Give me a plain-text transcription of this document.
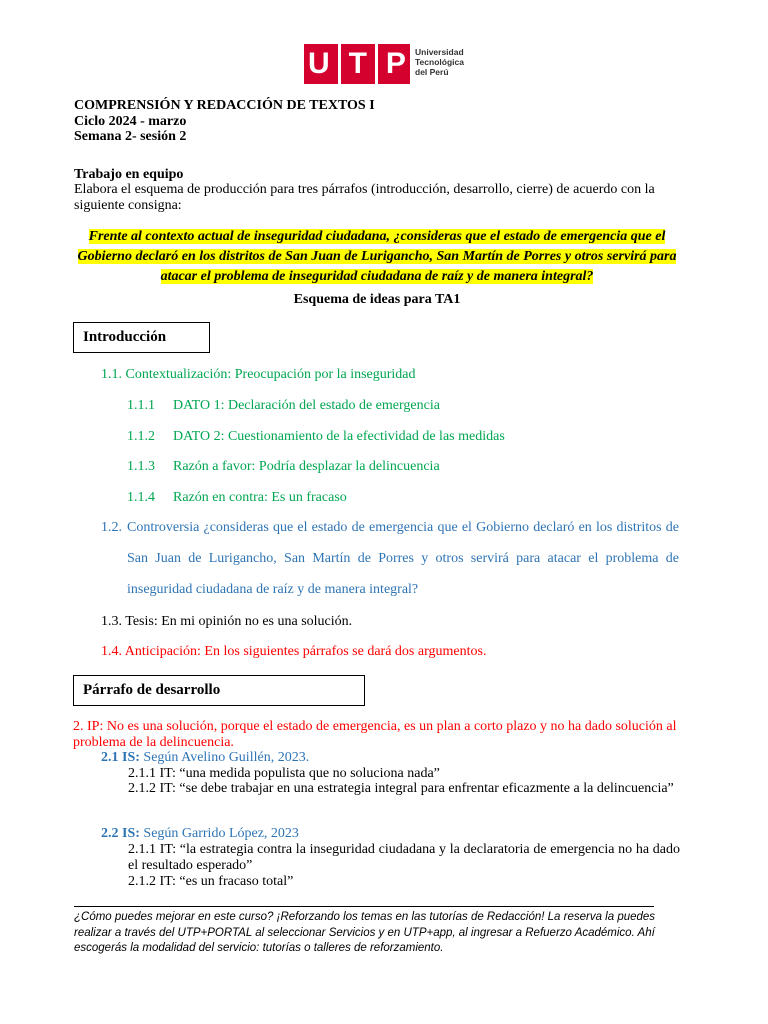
U T P Universidad
Tecnológica
del Perú
COMPRENSIÓN Y REDACCIÓN DE TEXTOS I
Ciclo 2024 - marzo
Semana 2- sesión 2
Trabajo en equipo
Elabora el esquema de producción para tres párrafos (introducción, desarrollo, cierre) de acuerdo con la siguiente consigna:
Frente al contexto actual de inseguridad ciudadana, ¿consideras que el estado de emergencia que el Gobierno declaró en los distritos de San Juan de Lurigancho, San Martín de Porres y otros servirá para atacar el problema de inseguridad ciudadana de raíz y de manera integral?
Esquema de ideas para TA1
Introducción
1.1. Contextualización: Preocupación por la inseguridad
1.1.1 DATO 1: Declaración del estado de emergencia
1.1.2 DATO 2: Cuestionamiento de la efectividad de las medidas
1.1.3 Razón a favor: Podría desplazar la delincuencia
1.1.4 Razón en contra: Es un fracaso
1.2. Controversia ¿consideras que el estado de emergencia que el Gobierno declaró en los distritos de San Juan de Lurigancho, San Martín de Porres y otros servirá para atacar el problema de inseguridad ciudadana de raíz y de manera integral?
1.3. Tesis: En mi opinión no es una solución.
1.4. Anticipación: En los siguientes párrafos se dará dos argumentos.
Párrafo de desarrollo
2. IP: No es una solución, porque el estado de emergencia, es un plan a corto plazo y no ha dado solución al problema de la delincuencia.
2.1 IS: Según Avelino Guillén, 2023.
2.1.1 IT: “una medida populista que no soluciona nada”
2.1.2 IT: “se debe trabajar en una estrategia integral para enfrentar eficazmente a la delincuencia”
2.2 IS: Según Garrido López, 2023
2.1.1 IT: “la estrategia contra la inseguridad ciudadana y la declaratoria de emergencia no ha dado el resultado esperado”
2.1.2 IT: “es un fracaso total”
¿Cómo puedes mejorar en este curso? ¡Reforzando los temas en las tutorías de Redacción! La reserva la puedes realizar a través del UTP+PORTAL al seleccionar Servicios y en UTP+app, al ingresar a Refuerzo Académico. Ahí escogerás la modalidad del servicio: tutorías o talleres de reforzamiento.
